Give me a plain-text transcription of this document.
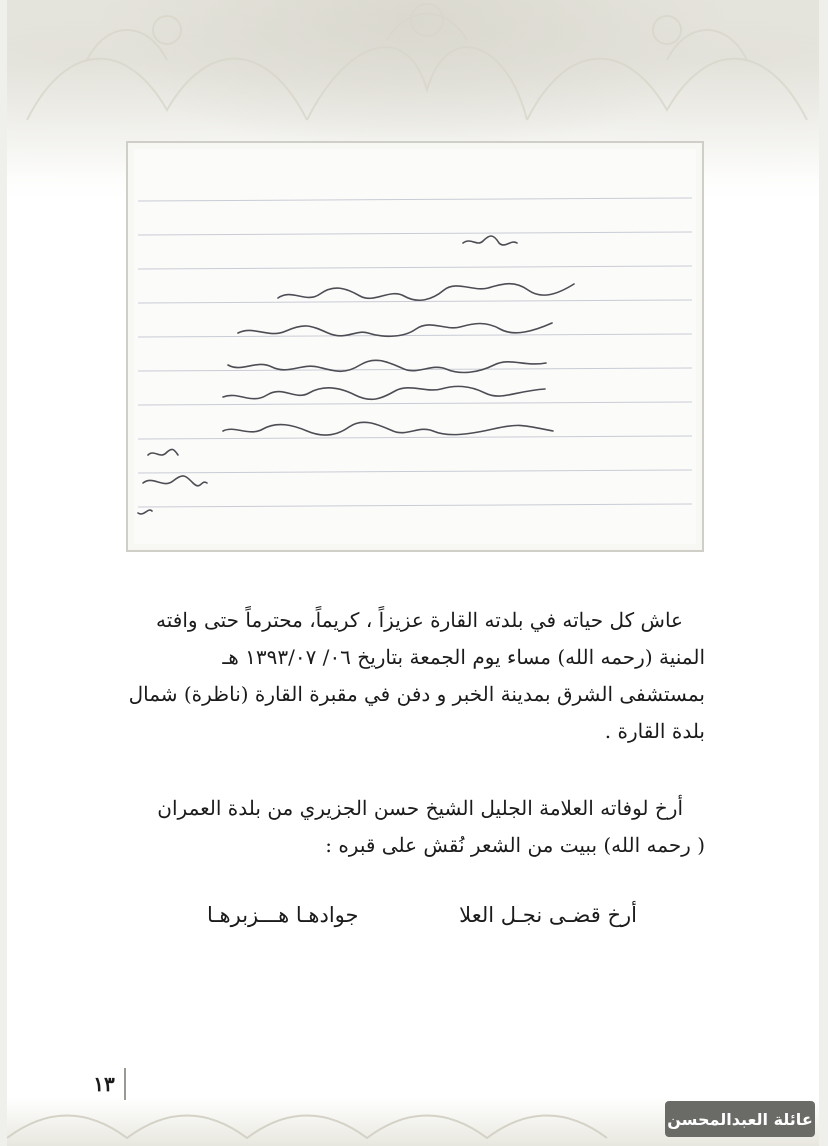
عاش كل حياته في بلدته القارة عزيزاً ، كريماً، محترماً حتى وافته
المنية (رحمه الله) مساء يوم الجمعة بتاريخ ٠٦/ ١٣٩٣/٠٧ هـ
بمستشفى الشرق بمدينة الخبر و دفن في مقبرة القارة (ناظرة) شمال
بلدة القارة .
أرخ لوفاته العلامة الجليل الشيخ حسن الجزيري من بلدة العمران
( رحمه الله) ببيت من الشعر نُقش على قبره :
أرخ قضـى نجـل العلا
جوادهـا هـــزبرهـا
١٣
عائلة العبدالمحسن
